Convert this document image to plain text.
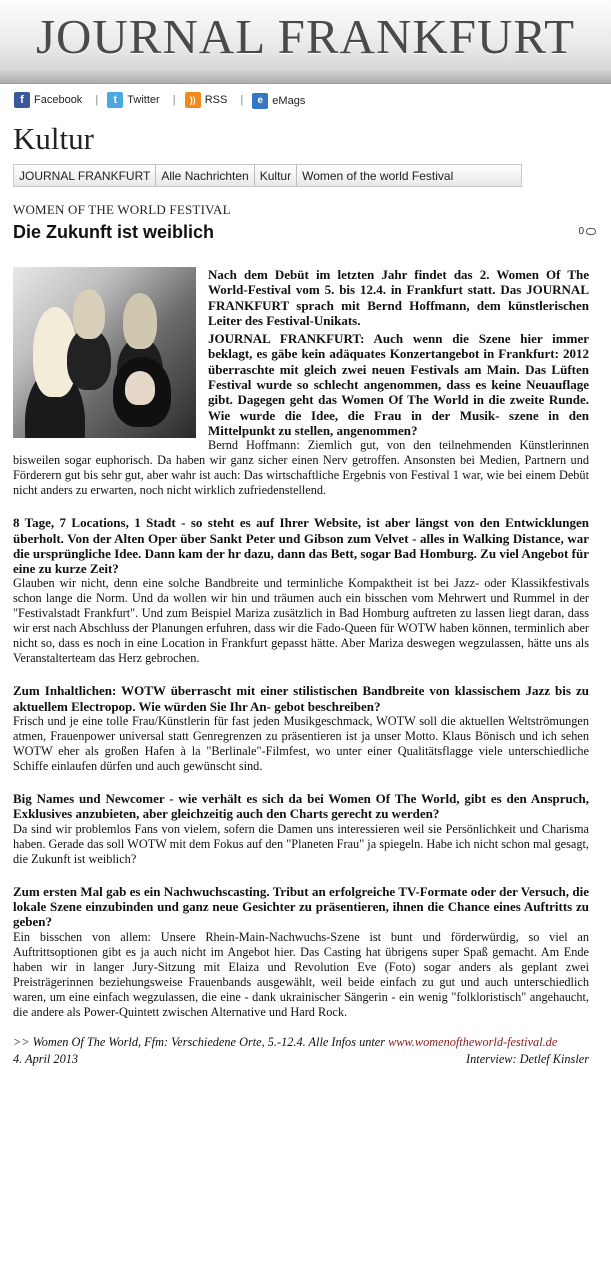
JOURNAL FRANKFURT
f Facebook |	t Twitter |	)) RSS |	e eMags
Kultur
JOURNAL FRANKFURT Alle Nachrichten Kultur Women of the world Festival
WOMEN OF THE WORLD FESTIVAL
Die Zukunft ist weiblich	0

Nach dem Debüt im letzten Jahr findet das 2. Women Of The World-Festival vom 5. bis 12.4. in Frankfurt statt. Das JOURNAL FRANKFURT sprach mit Bernd Hoffmann, dem künstlerischen Leiter des Festival-Unikats.

JOURNAL FRANKFURT: Auch wenn die Szene hier immer beklagt, es gäbe kein adäquates Konzertangebot in Frankfurt: 2012 überraschte mit gleich zwei neuen Festivals am Main. Das Lüften Festival wurde so schlecht angenommen, dass es keine Neuauflage gibt. Dagegen geht das Women Of The World in die zweite Runde. Wie wurde die Idee, die Frau in der Musik- szene in den Mittelpunkt zu stellen, angenommen?

Bernd Hoffmann: Ziemlich gut, von den teilnehmenden Künstlerinnen bisweilen sogar euphorisch. Da haben wir ganz sicher einen Nerv getroffen. Ansonsten bei Medien, Partnern und Förderern gut bis sehr gut, aber wahr ist auch: Das wirtschaftliche Ergebnis von Festival 1 war, wie bei einem Debüt nicht anders zu erwarten, noch nicht wirklich zufriedenstellend.

8 Tage, 7 Locations, 1 Stadt - so steht es auf Ihrer Website, ist aber längst von den Entwicklungen überholt. Von der Alten Oper über Sankt Peter und Gibson zum Velvet - alles in Walking Distance, war die ursprüngliche Idee. Dann kam der hr dazu, dann das Bett, sogar Bad Homburg. Zu viel Angebot für eine zu kurze Zeit?

Glauben wir nicht, denn eine solche Bandbreite und terminliche Kompaktheit ist bei Jazz- oder Klassikfestivals schon lange die Norm. Und da wollen wir hin und träumen auch ein bisschen vom Mehrwert und Rummel in der "Festivalstadt Frankfurt". Und zum Beispiel Mariza zusätzlich in Bad Homburg auftreten zu lassen liegt daran, dass wir erst nach Abschluss der Planungen erfuhren, dass wir die Fado-Queen für WOTW haben können, terminlich aber nicht so, dass es noch in eine Location in Frankfurt gepasst hätte. Aber Mariza deswegen wegzulassen, hätte uns als Veranstalterteam das Herz gebrochen.

Zum Inhaltlichen: WOTW überrascht mit einer stilistischen Bandbreite von klassischem Jazz bis zu aktuellem Electropop. Wie würden Sie Ihr An- gebot beschreiben?

Frisch und je eine tolle Frau/Künstlerin für fast jeden Musikgeschmack, WOTW soll die aktuellen Weltströmungen atmen, Frauenpower universal statt Genregrenzen zu präsentieren ist ja unser Motto. Klaus Bönisch und ich sehen WOTW eher als großen Hafen à la "Berlinale"-Filmfest, wo unter einer Qualitätsflagge viele unterschiedliche Schiffe einlaufen dürfen und auch gewünscht sind.

Big Names und Newcomer - wie verhält es sich da bei Women Of The World, gibt es den Anspruch, Exklusives anzubieten, aber gleichzeitig auch den Charts gerecht zu werden?

Da sind wir problemlos Fans von vielem, sofern die Damen uns interessieren weil sie Persönlichkeit und Charisma haben. Gerade das soll WOTW mit dem Fokus auf den "Planeten Frau" ja spiegeln. Habe ich nicht schon mal gesagt, die Zukunft ist weiblich?

Zum ersten Mal gab es ein Nachwuchscasting. Tribut an erfolgreiche TV-Formate oder der Versuch, die lokale Szene einzubinden und ganz neue Gesichter zu präsentieren, ihnen die Chance eines Auftritts zu geben?

Ein bisschen von allem: Unsere Rhein-Main-Nachwuchs-Szene ist bunt und förderwürdig, so viel an Auftrittsoptionen gibt es ja auch nicht im Angebot hier. Das Casting hat übrigens super Spaß gemacht. Am Ende haben wir in langer Jury-Sitzung mit Elaiza und Revolution Eve (Foto) sogar anders als geplant zwei Preisträgerinnen beziehungsweise Frauenbands ausgewählt, weil beide einfach zu gut und auch unterschiedlich waren, um eine einfach wegzulassen, die eine - dank ukrainischer Sängerin - ein wenig "folkloristisch" angehaucht, die andere als Power-Quintett zwischen Alternative und Hard Rock.

>> Women Of The World, Ffm: Verschiedene Orte, 5.-12.4. Alle Infos unter www.womenoftheworld-festival.de

4. April 2013	Interview: Detlef Kinsler
